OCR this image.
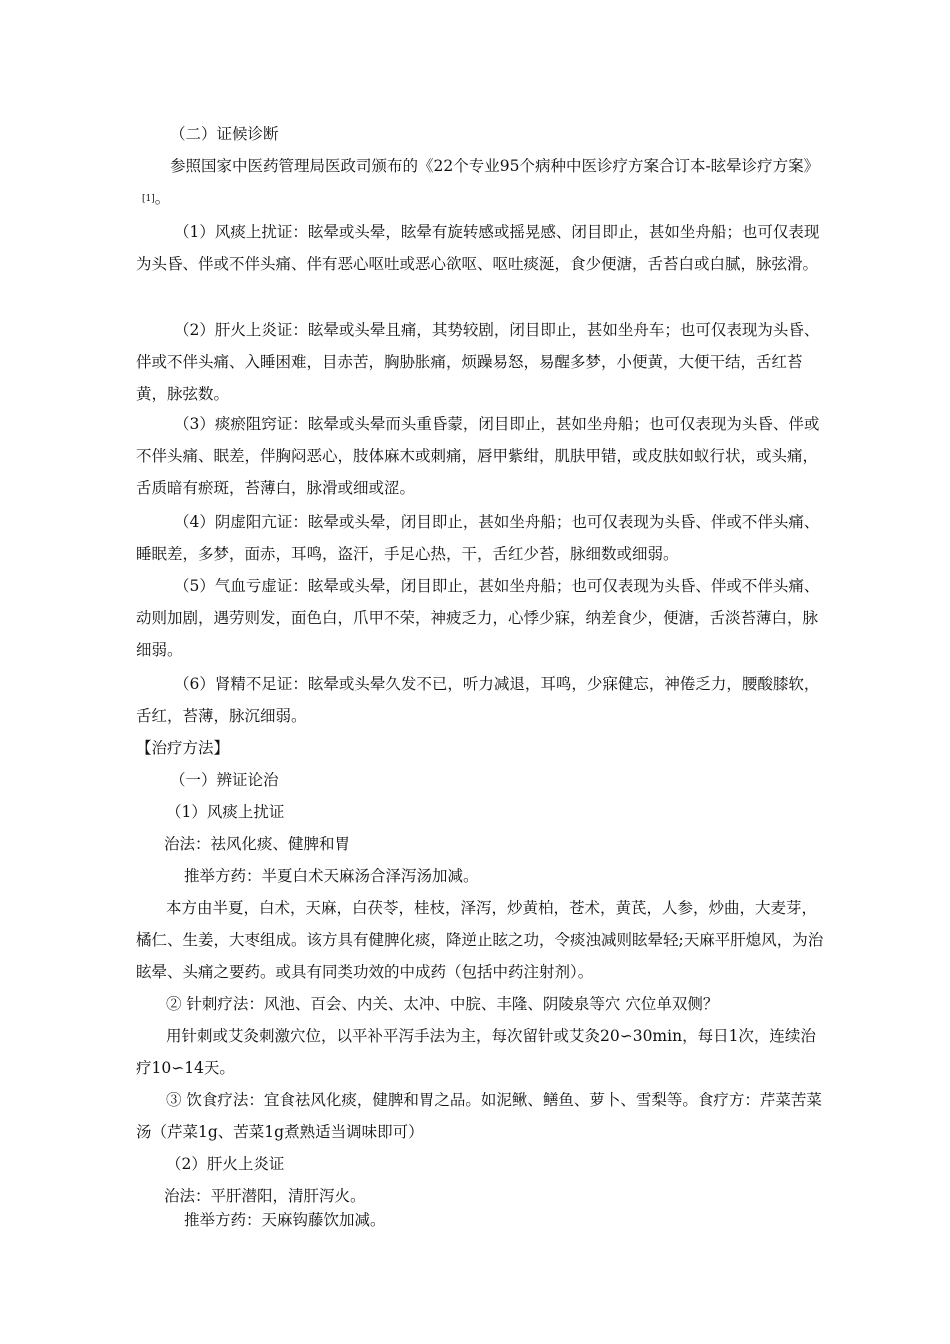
（二）证候诊断

参照国家中医药管理局医政司颁布的《22个专业95个病种中医诊疗方案合订本-眩晕诊疗方案》[1]。

（1）风痰上扰证：眩晕或头晕，眩晕有旋转感或摇晃感、闭目即止，甚如坐舟船；也可仅表现为头昏、伴或不伴头痛、伴有恶心呕吐或恶心欲呕、呕吐痰涎，食少便溏，舌苔白或白腻，脉弦滑。

（2）肝火上炎证：眩晕或头晕且痛，其势较剧，闭目即止，甚如坐舟车；也可仅表现为头昏、伴或不伴头痛、入睡困难，目赤苦，胸胁胀痛，烦躁易怒，易醒多梦，小便黄，大便干结，舌红苔黄，脉弦数。

（3）痰瘀阻窍证：眩晕或头晕而头重昏蒙，闭目即止，甚如坐舟船；也可仅表现为头昏、伴或不伴头痛、眠差，伴胸闷恶心，肢体麻木或刺痛，唇甲紫绀，肌肤甲错，或皮肤如蚁行状，或头痛，舌质暗有瘀斑，苔薄白，脉滑或细或涩。

（4）阴虚阳亢证：眩晕或头晕，闭目即止，甚如坐舟船；也可仅表现为头昏、伴或不伴头痛、睡眠差，多梦，面赤，耳鸣，盗汗，手足心热，干，舌红少苔，脉细数或细弱。

（5）气血亏虚证：眩晕或头晕，闭目即止，甚如坐舟船；也可仅表现为头昏、伴或不伴头痛、动则加剧，遇劳则发，面色白，爪甲不荣，神疲乏力，心悸少寐，纳差食少，便溏，舌淡苔薄白，脉细弱。

（6）肾精不足证：眩晕或头晕久发不已，听力减退，耳鸣，少寐健忘，神倦乏力，腰酸膝软，舌红，苔薄，脉沉细弱。

【治疗方法】

（一）辨证论治

（1）风痰上扰证

治法：祛风化痰、健脾和胃

推举方药：半夏白术天麻汤合泽泻汤加减。

本方由半夏，白术，天麻，白茯苓，桂枝，泽泻，炒黄柏，苍术，黄芪，人参，炒曲，大麦芽，橘仁、生姜，大枣组成。该方具有健脾化痰，降逆止眩之功，令痰浊减则眩晕轻;天麻平肝熄风，为治眩晕、头痛之要药。或具有同类功效的中成药（包括中药注射剂）。

② 针刺疗法：风池、百会、内关、太冲、中脘、丰隆、阴陵泉等穴 穴位单双侧？

用针刺或艾灸刺激穴位，以平补平泻手法为主，每次留针或艾灸20∽30min，每日1次，连续治疗10∽14天。

③ 饮食疗法：宜食祛风化痰，健脾和胃之品。如泥鳅、鳝鱼、萝卜、雪梨等。食疗方：芹菜苦菜汤（芹菜1g、苦菜1g煮熟适当调味即可）

（2）肝火上炎证

治法：平肝潜阳，清肝泻火。

推举方药：天麻钩藤饮加减。
